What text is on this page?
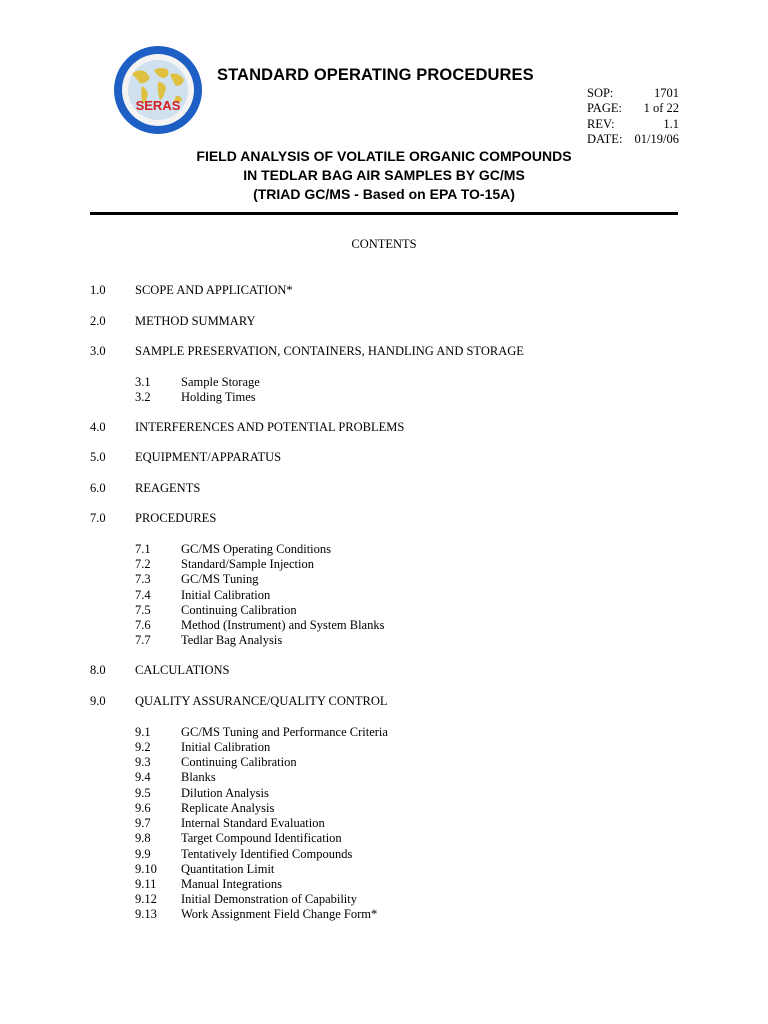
SERAS
STANDARD OPERATING PROCEDURES
SOP:	1701
PAGE: 1 of 22
REV:	1.1
DATE: 01/19/06
FIELD ANALYSIS OF VOLATILE ORGANIC COMPOUNDS
IN TEDLAR BAG AIR SAMPLES BY GC/MS
(TRIAD GC/MS - Based on EPA TO-15A)
CONTENTS
1.0 SCOPE AND APPLICATION*
2.0 METHOD SUMMARY
3.0 SAMPLE PRESERVATION, CONTAINERS, HANDLING AND STORAGE
3.1 Sample Storage
3.2 Holding Times
4.0 INTERFERENCES AND POTENTIAL PROBLEMS
5.0 EQUIPMENT/APPARATUS
6.0 REAGENTS
7.0 PROCEDURES
7.1 GC/MS Operating Conditions
7.2 Standard/Sample Injection
7.3 GC/MS Tuning
7.4 Initial Calibration
7.5 Continuing Calibration
7.6 Method (Instrument) and System Blanks
7.7 Tedlar Bag Analysis
8.0 CALCULATIONS
9.0 QUALITY ASSURANCE/QUALITY CONTROL
9.1 GC/MS Tuning and Performance Criteria
9.2 Initial Calibration
9.3 Continuing Calibration
9.4 Blanks
9.5 Dilution Analysis
9.6 Replicate Analysis
9.7 Internal Standard Evaluation
9.8 Target Compound Identification
9.9 Tentatively Identified Compounds
9.10 Quantitation Limit
9.11 Manual Integrations
9.12 Initial Demonstration of Capability
9.13 Work Assignment Field Change Form*
